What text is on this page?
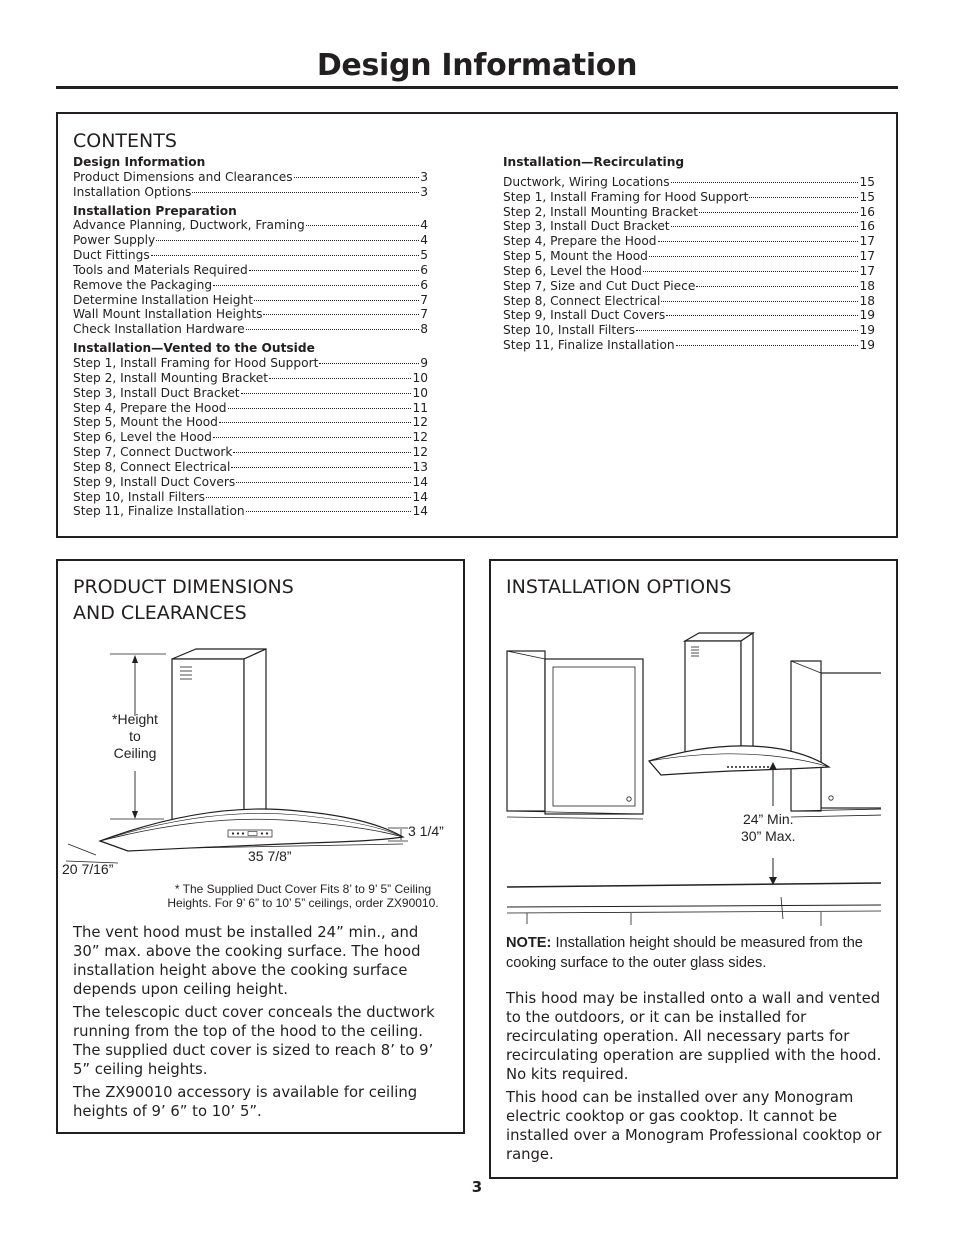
Design Information
CONTENTS
Design Information
Product Dimensions and Clearances	3
Installation Options	3
Installation Preparation
Advance Planning, Ductwork, Framing	4
Power Supply	4
Duct Fittings	5
Tools and Materials Required	6
Remove the Packaging	6
Determine Installation Height	7
Wall Mount Installation Heights	7
Check Installation Hardware	8
Installation—Vented to the Outside
Step 1, Install Framing for Hood Support	9
Step 2, Install Mounting Bracket	10
Step 3, Install Duct Bracket	10
Step 4, Prepare the Hood	11
Step 5, Mount the Hood	12
Step 6, Level the Hood	12
Step 7, Connect Ductwork	12
Step 8, Connect Electrical	13
Step 9, Install Duct Covers	14
Step 10, Install Filters	14
Step 11, Finalize Installation	14
Installation—Recirculating
Ductwork, Wiring Locations	15
Step 1, Install Framing for Hood Support	15
Step 2, Install Mounting Bracket	16
Step 3, Install Duct Bracket	16
Step 4, Prepare the Hood	17
Step 5, Mount the Hood	17
Step 6, Level the Hood	17
Step 7, Size and Cut Duct Piece	18
Step 8, Connect Electrical	18
Step 9, Install Duct Covers	19
Step 10, Install Filters	19
Step 11, Finalize Installation	19
PRODUCT DIMENSIONS
AND CLEARANCES
*Height
to
Ceiling
20 7/16”
35 7/8”
3 1/4”
* The Supplied Duct Cover Fits 8’ to 9’ 5” Ceiling
Heights. For 9’ 6” to 10’ 5” ceilings, order ZX90010.

The vent hood must be installed 24” min., and 30” max. above the cooking surface. The hood installation height above the cooking surface depends upon ceiling height.

The telescopic duct cover conceals the ductwork running from the top of the hood to the ceiling. The supplied duct cover is sized to reach 8’ to 9’ 5” ceiling heights.

The ZX90010 accessory is available for ceiling heights of 9’ 6” to 10’ 5”.

INSTALLATION OPTIONS
24” Min.
30” Max.
NOTE: Installation height should be measured from the cooking surface to the outer glass sides.

This hood may be installed onto a wall and vented to the outdoors, or it can be installed for recirculating operation. All necessary parts for recirculating operation are supplied with the hood. No kits required.

This hood can be installed over any Monogram electric cooktop or gas cooktop. It cannot be installed over a Monogram Professional cooktop or range.

3
